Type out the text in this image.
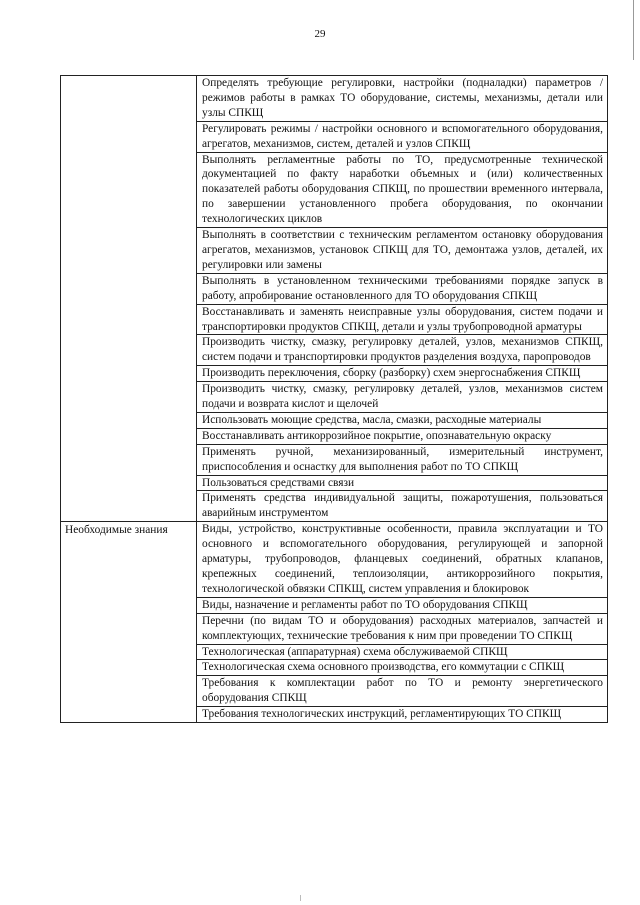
29
	Определять требующие регулировки, настройки (подналадки) параметров / режимов работы в рамках ТО оборудование, системы, механизмы, детали или узлы СПКЩ
	Регулировать режимы / настройки основного и вспомогательного оборудования, агрегатов, механизмов, систем, деталей и узлов СПКЩ
	Выполнять регламентные работы по ТО, предусмотренные технической документацией по факту наработки объемных и (или) количественных показателей работы оборудования СПКЩ, по прошествии временного интервала, по завершении установленного пробега оборудования, по окончании технологических циклов
	Выполнять в соответствии с техническим регламентом остановку оборудования агрегатов, механизмов, установок СПКЩ для ТО, демонтажа узлов, деталей, их регулировки или замены
	Выполнять в установленном техническими требованиями порядке запуск в работу, апробирование остановленного для ТО оборудования СПКЩ
	Восстанавливать и заменять неисправные узлы оборудования, систем подачи и транспортировки продуктов СПКЩ, детали и узлы трубопроводной арматуры
	Производить чистку, смазку, регулировку деталей, узлов, механизмов СПКЩ, систем подачи и транспортировки продуктов разделения воздуха, паропроводов
	Производить переключения, сборку (разборку) схем энергоснабжения СПКЩ
	Производить чистку, смазку, регулировку деталей, узлов, механизмов систем подачи и возврата кислот и щелочей
	Использовать моющие средства, масла, смазки, расходные материалы
	Восстанавливать антикоррозийное покрытие, опознавательную окраску
	Применять ручной, механизированный, измерительный инструмент, приспособления и оснастку для выполнения работ по ТО СПКЩ
	Пользоваться средствами связи
	Применять средства индивидуальной защиты, пожаротушения, пользоваться аварийным инструментом
Необходимые знания	Виды, устройство, конструктивные особенности, правила эксплуатации и ТО основного и вспомогательного оборудования, регулирующей и запорной арматуры, трубопроводов, фланцевых соединений, обратных клапанов, крепежных соединений, теплоизоляции, антикоррозийного покрытия, технологической обвязки СПКЩ, систем управления и блокировок
	Виды, назначение и регламенты работ по ТО оборудования СПКЩ
	Перечни (по видам ТО и оборудования) расходных материалов, запчастей и комплектующих, технические требования к ним при проведении ТО СПКЩ
	Технологическая (аппаратурная) схема обслуживаемой СПКЩ
	Технологическая схема основного производства, его коммутации с СПКЩ
	Требования к комплектации работ по ТО и ремонту энергетического оборудования СПКЩ
	Требования технологических инструкций, регламентирующих ТО СПКЩ
